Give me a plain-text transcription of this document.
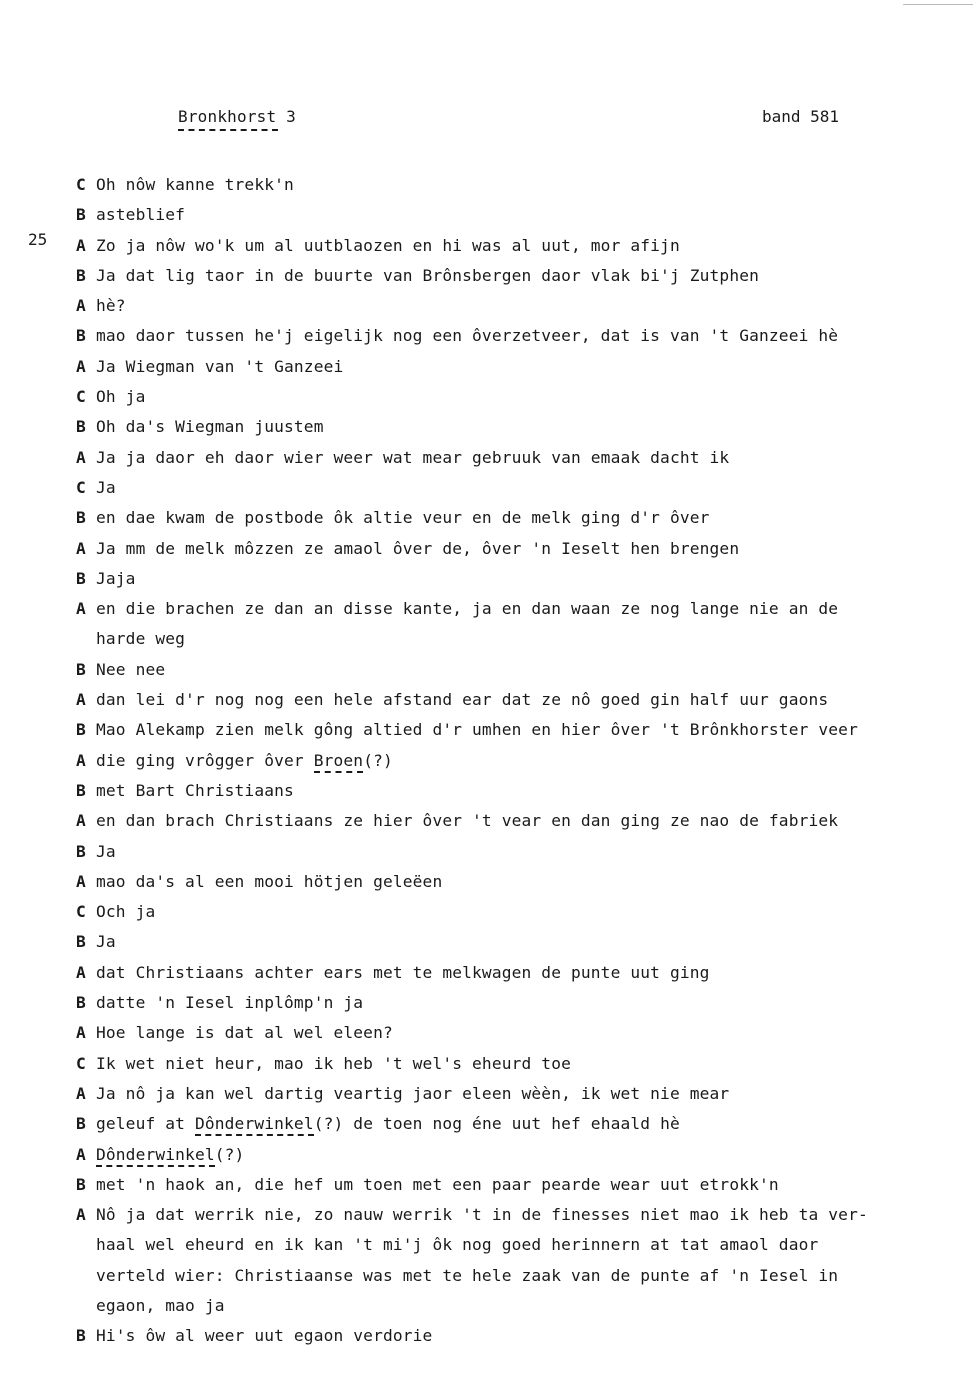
Bronkhorst 3	band 581
25
C Oh nôw kanne trekk'n
B asteblief
A Zo ja nôw wo'k um al uutblaozen en hi was al uut, mor afijn
B Ja dat lig taor in de buurte van Brônsbergen daor vlak bi'j Zutphen
A hè?
B mao daor tussen he'j eigelijk nog een ôverzetveer, dat is van 't Ganzeei hè
A Ja Wiegman van 't Ganzeei
C Oh ja
B Oh da's Wiegman juustem
A Ja ja daor eh daor wier weer wat mear gebruuk van emaak dacht ik
C Ja
B en dae kwam de postbode ôk altie veur en de melk ging d'r ôver
A Ja mm de melk môzzen ze amaol ôver de, ôver 'n Ieselt hen brengen
B Jaja
A en die brachen ze dan an disse kante, ja en dan waan ze nog lange nie an de
harde weg
B Nee nee
A dan lei d'r nog nog een hele afstand ear dat ze nô goed gin half uur gaons
B Mao Alekamp zien melk gông altied d'r umhen en hier ôver 't Brônkhorster veer
A die ging vrôgger ôver Broen(?)
B met Bart Christiaans
A en dan brach Christiaans ze hier ôver 't vear en dan ging ze nao de fabriek
B Ja
A mao da's al een mooi hötjen geleëen
C Och ja
B Ja
A dat Christiaans achter ears met te melkwagen de punte uut ging
B datte 'n Iesel inplômp'n ja
A Hoe lange is dat al wel eleen?
C Ik wet niet heur, mao ik heb 't wel's eheurd toe
A Ja nô ja kan wel dartig veartig jaor eleen wèèn, ik wet nie mear
B geleuf at Dônderwinkel(?) de toen nog éne uut hef ehaald hè
A Dônderwinkel(?)
B met 'n haok an, die hef um toen met een paar pearde wear uut etrokk'n
A Nô ja dat werrik nie, zo nauw werrik 't in de finesses niet mao ik heb ta ver-
haal wel eheurd en ik kan 't mi'j ôk nog goed herinnern at tat amaol daor
verteld wier: Christiaanse was met te hele zaak van de punte af 'n Iesel in
egaon, mao ja
B Hi's ôw al weer uut egaon verdorie
